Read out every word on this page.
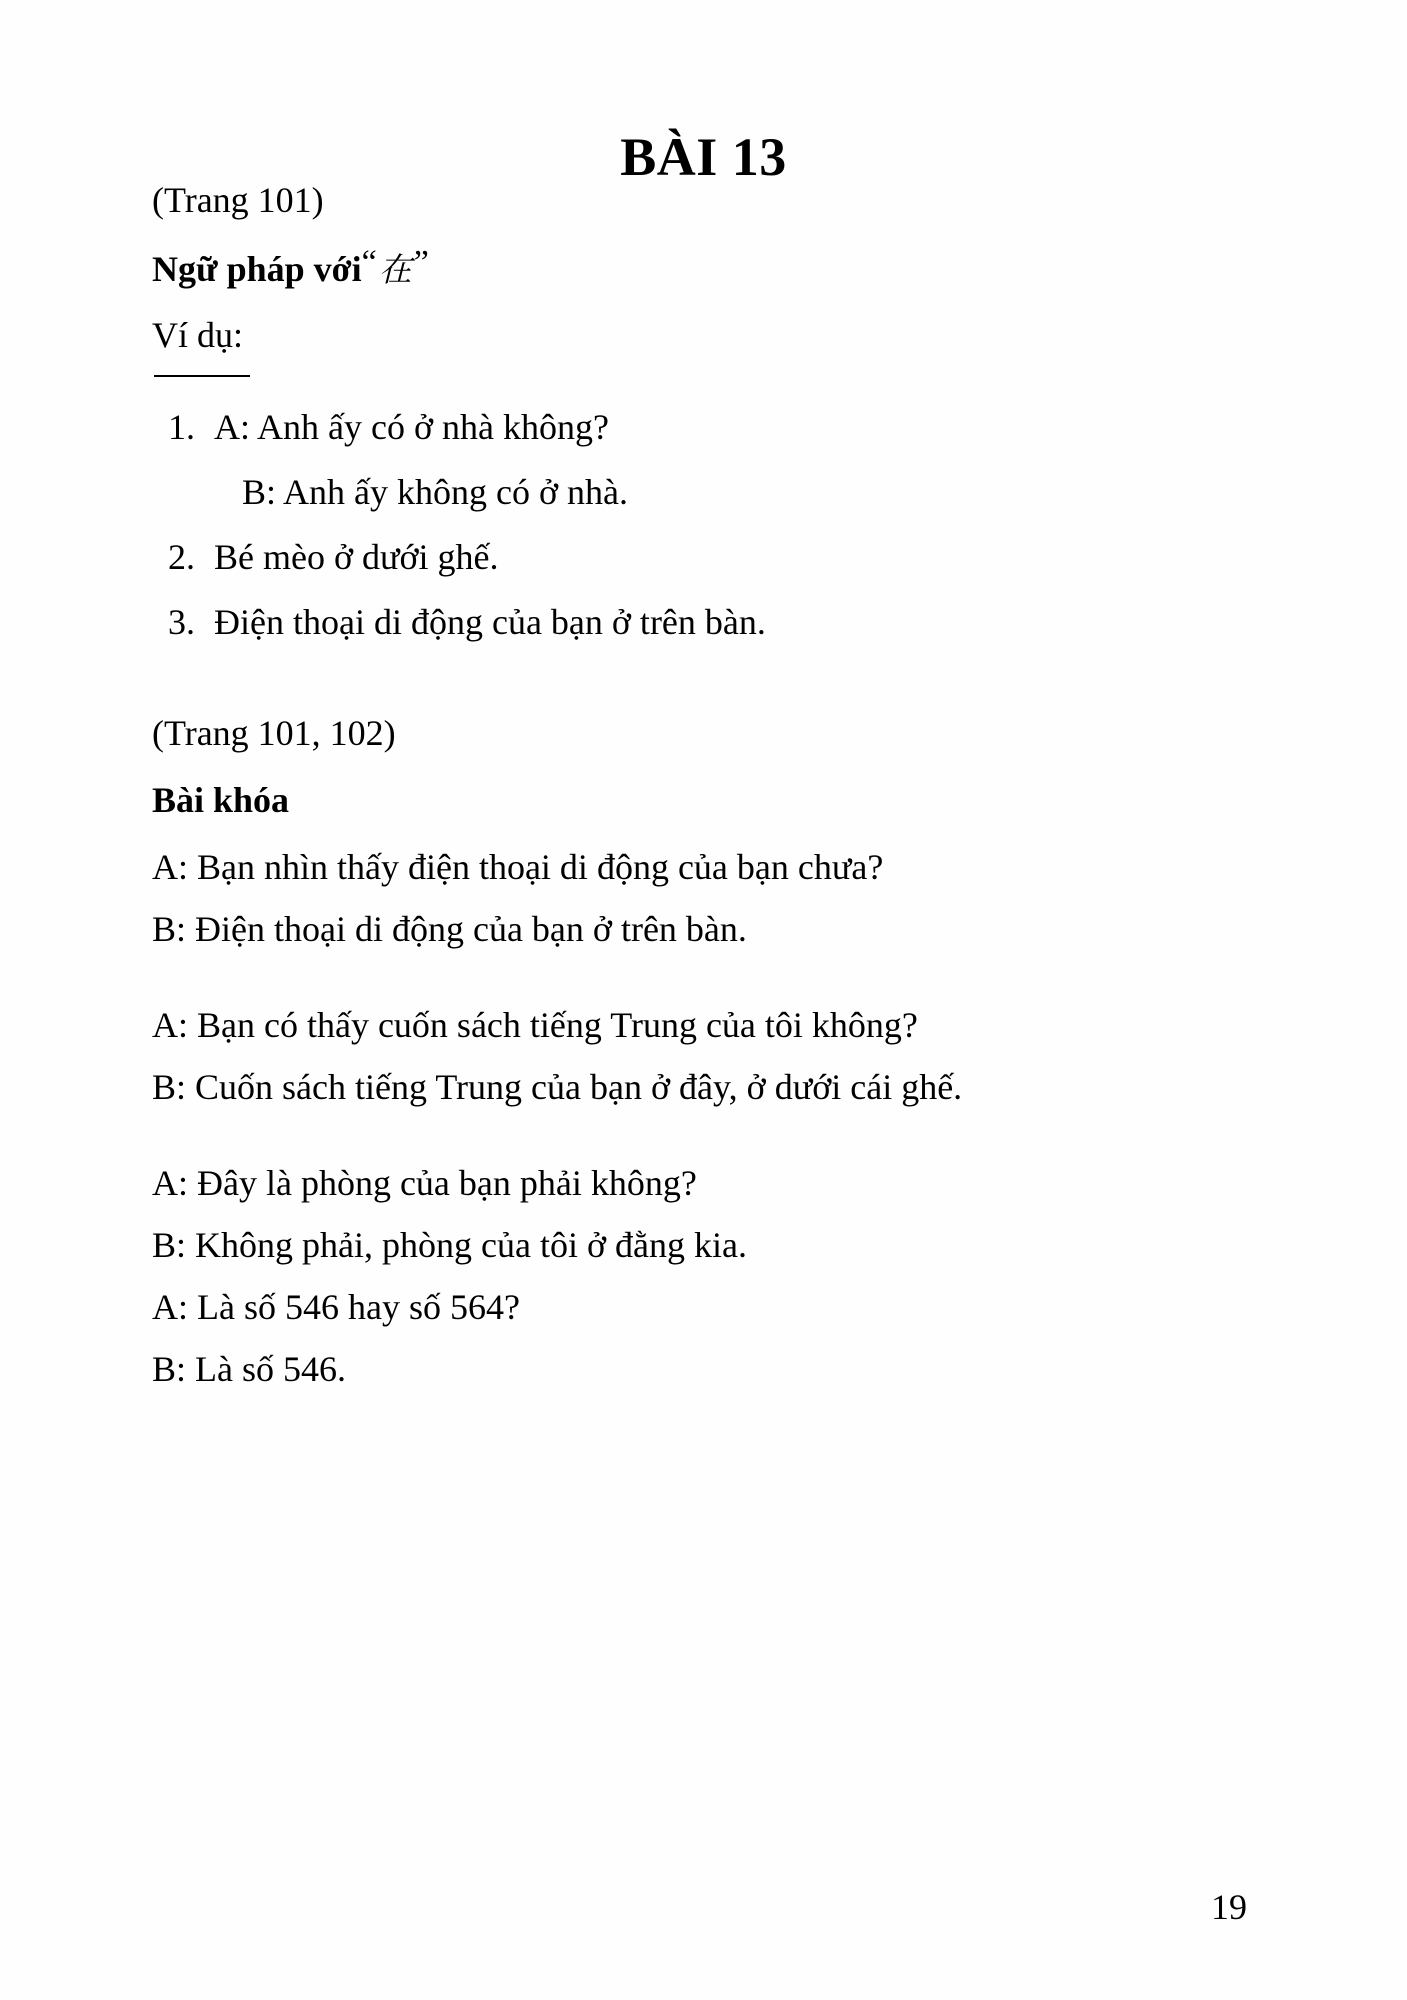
BÀI 13
(Trang 101)
Ngữ pháp với“在”
Ví dụ:
1. A: Anh ấy có ở nhà không?
B: Anh ấy không có ở nhà.
2. Bé mèo ở dưới ghế.
3. Điện thoại di động của bạn ở trên bàn.
(Trang 101, 102)
Bài khóa
A: Bạn nhìn thấy điện thoại di động của bạn chưa?
B: Điện thoại di động của bạn ở trên bàn.
A: Bạn có thấy cuốn sách tiếng Trung của tôi không?
B: Cuốn sách tiếng Trung của bạn ở đây, ở dưới cái ghế.
A: Đây là phòng của bạn phải không?
B: Không phải, phòng của tôi ở đằng kia.
A: Là số 546 hay số 564?
B: Là số 546.
19
